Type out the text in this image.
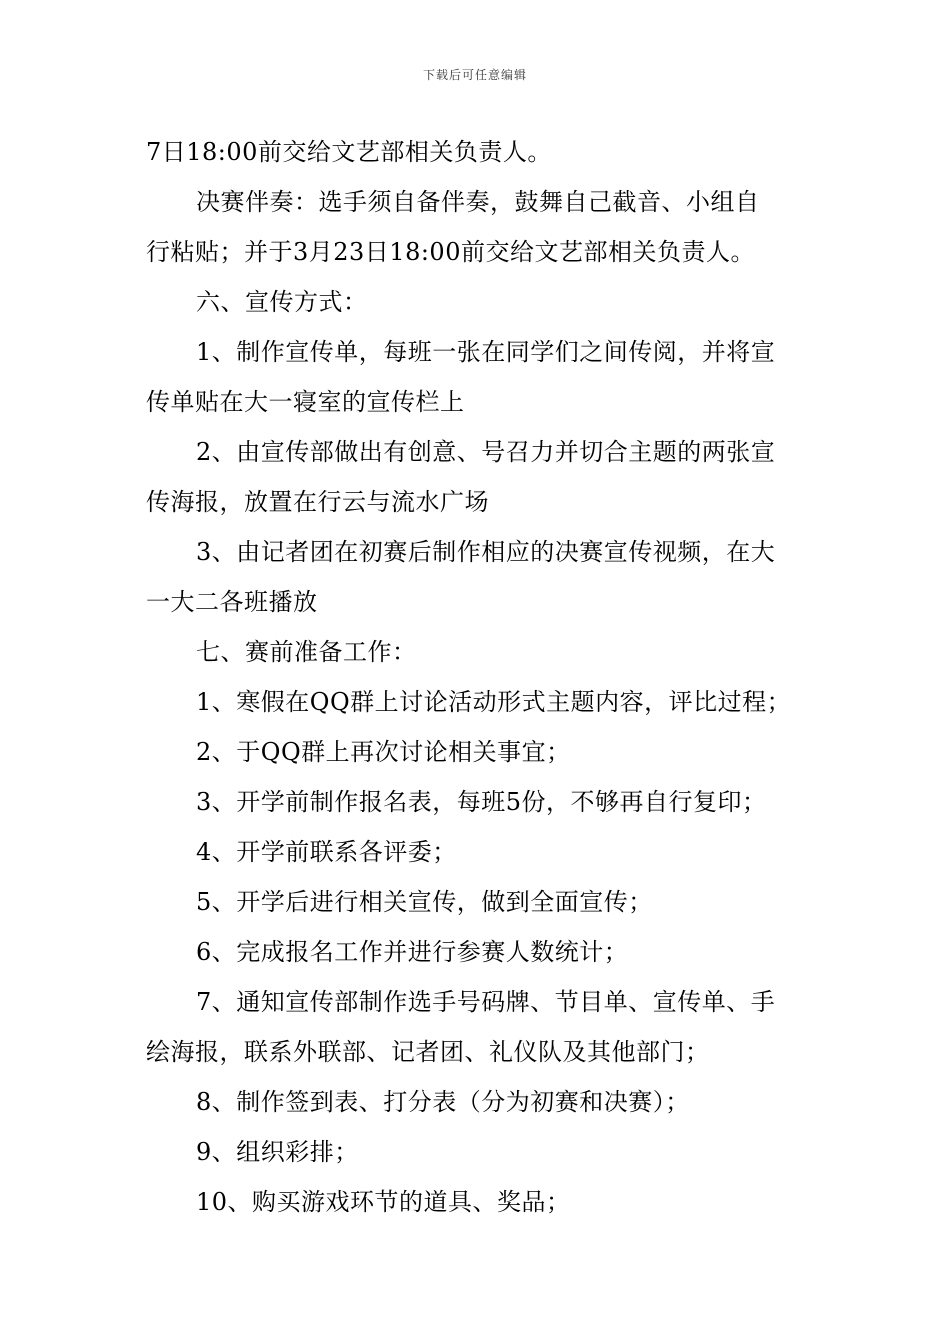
下载后可任意编辑
7日18:00前交给文艺部相关负责人。
决赛伴奏：选手须自备伴奏，鼓舞自己截音、小组自
行粘贴；并于3月23日18:00前交给文艺部相关负责人。
六、宣传方式：
1、制作宣传单，每班一张在同学们之间传阅，并将宣
传单贴在大一寝室的宣传栏上
2、由宣传部做出有创意、号召力并切合主题的两张宣
传海报，放置在行云与流水广场
3、由记者团在初赛后制作相应的决赛宣传视频，在大
一大二各班播放
七、赛前准备工作：
1、寒假在QQ群上讨论活动形式主题内容，评比过程；
2、于QQ群上再次讨论相关事宜；
3、开学前制作报名表，每班5份，不够再自行复印；
4、开学前联系各评委；
5、开学后进行相关宣传，做到全面宣传；
6、完成报名工作并进行参赛人数统计；
7、通知宣传部制作选手号码牌、节目单、宣传单、手
绘海报，联系外联部、记者团、礼仪队及其他部门；
8、制作签到表、打分表（分为初赛和决赛）；
9、组织彩排；
10、购买游戏环节的道具、奖品；
